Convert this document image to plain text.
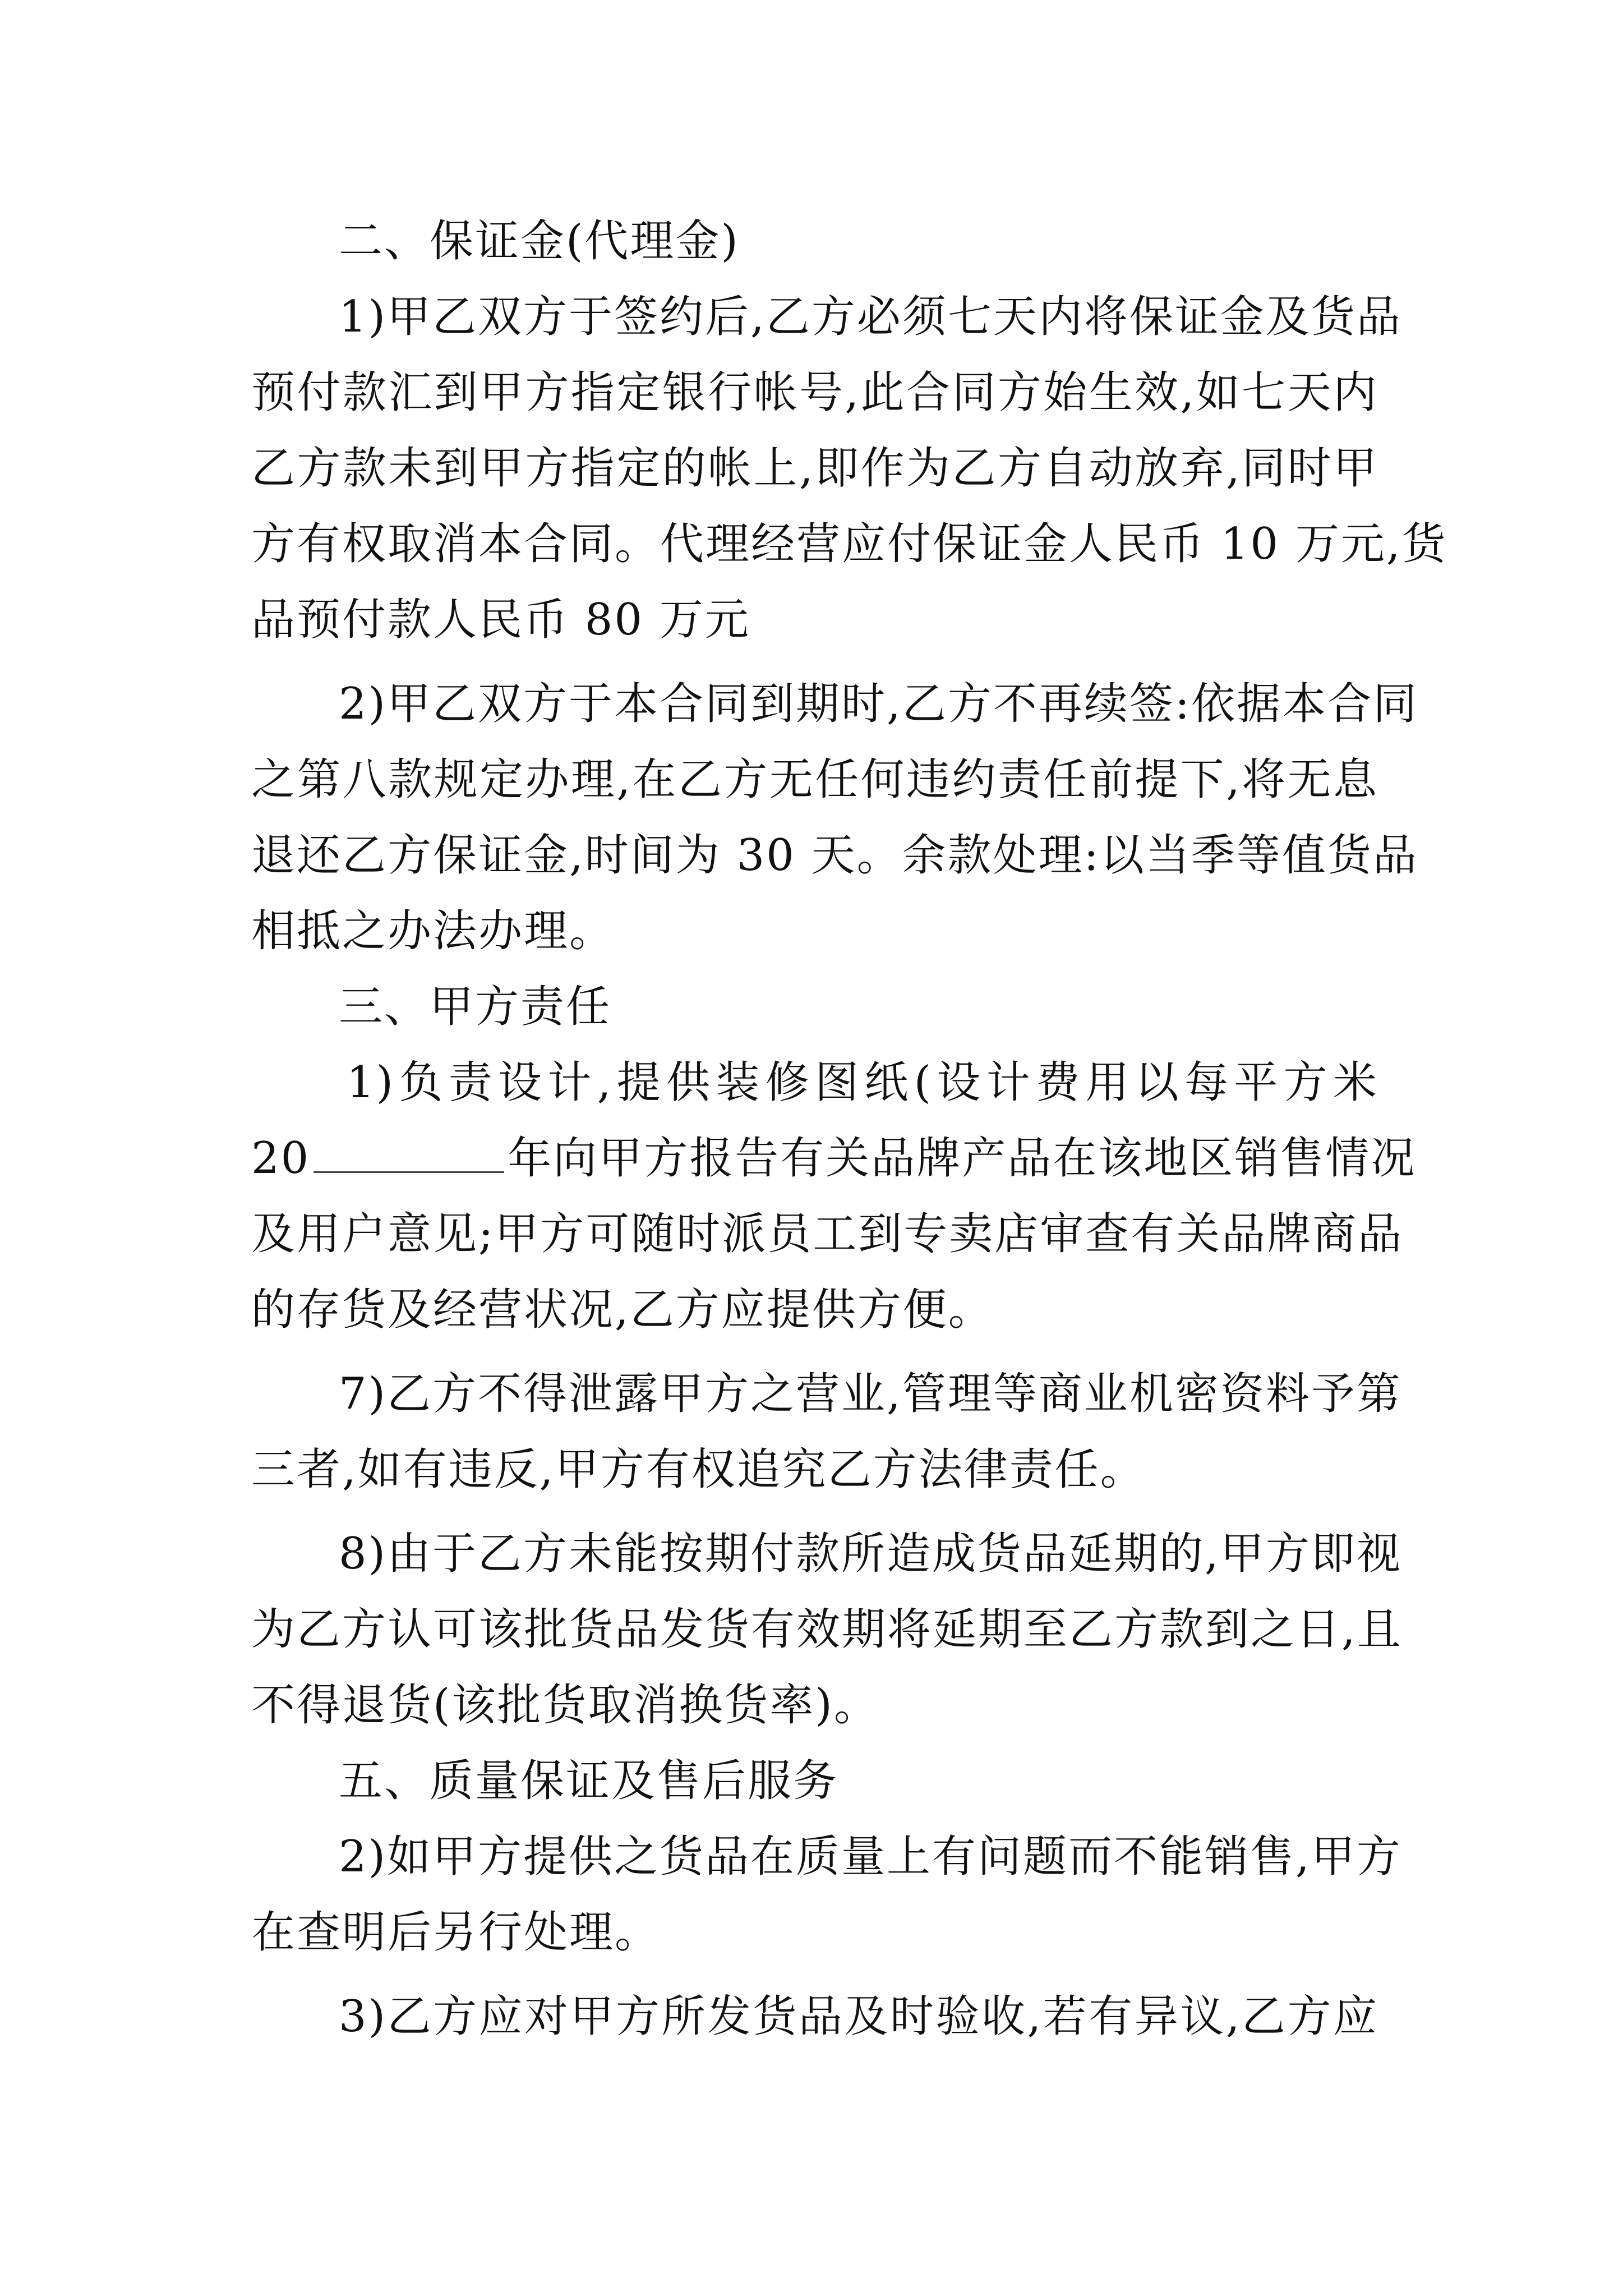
二、保证金(代理金)
1)甲乙双方于签约后,乙方必须七天内将保证金及货品
预付款汇到甲方指定银行帐号,此合同方始生效,如七天内
乙方款未到甲方指定的帐上,即作为乙方自动放弃,同时甲
方有权取消本合同。代理经营应付保证金人民币 10 万元,货
品预付款人民币 80 万元
2)甲乙双方于本合同到期时,乙方不再续签:依据本合同
之第八款规定办理,在乙方无任何违约责任前提下,将无息
退还乙方保证金,时间为 30 天。余款处理:以当季等值货品
相抵之办法办理。
三、甲方责任
1)负责设计,提供装修图纸(设计费用以每平方米
20	年向甲方报告有关品牌产品在该地区销售情况
及用户意见;甲方可随时派员工到专卖店审查有关品牌商品
的存货及经营状况,乙方应提供方便。
7)乙方不得泄露甲方之营业,管理等商业机密资料予第
三者,如有违反,甲方有权追究乙方法律责任。
8)由于乙方未能按期付款所造成货品延期的,甲方即视
为乙方认可该批货品发货有效期将延期至乙方款到之日,且
不得退货(该批货取消换货率)。
五、质量保证及售后服务
2)如甲方提供之货品在质量上有问题而不能销售,甲方
在查明后另行处理。
3)乙方应对甲方所发货品及时验收,若有异议,乙方应
